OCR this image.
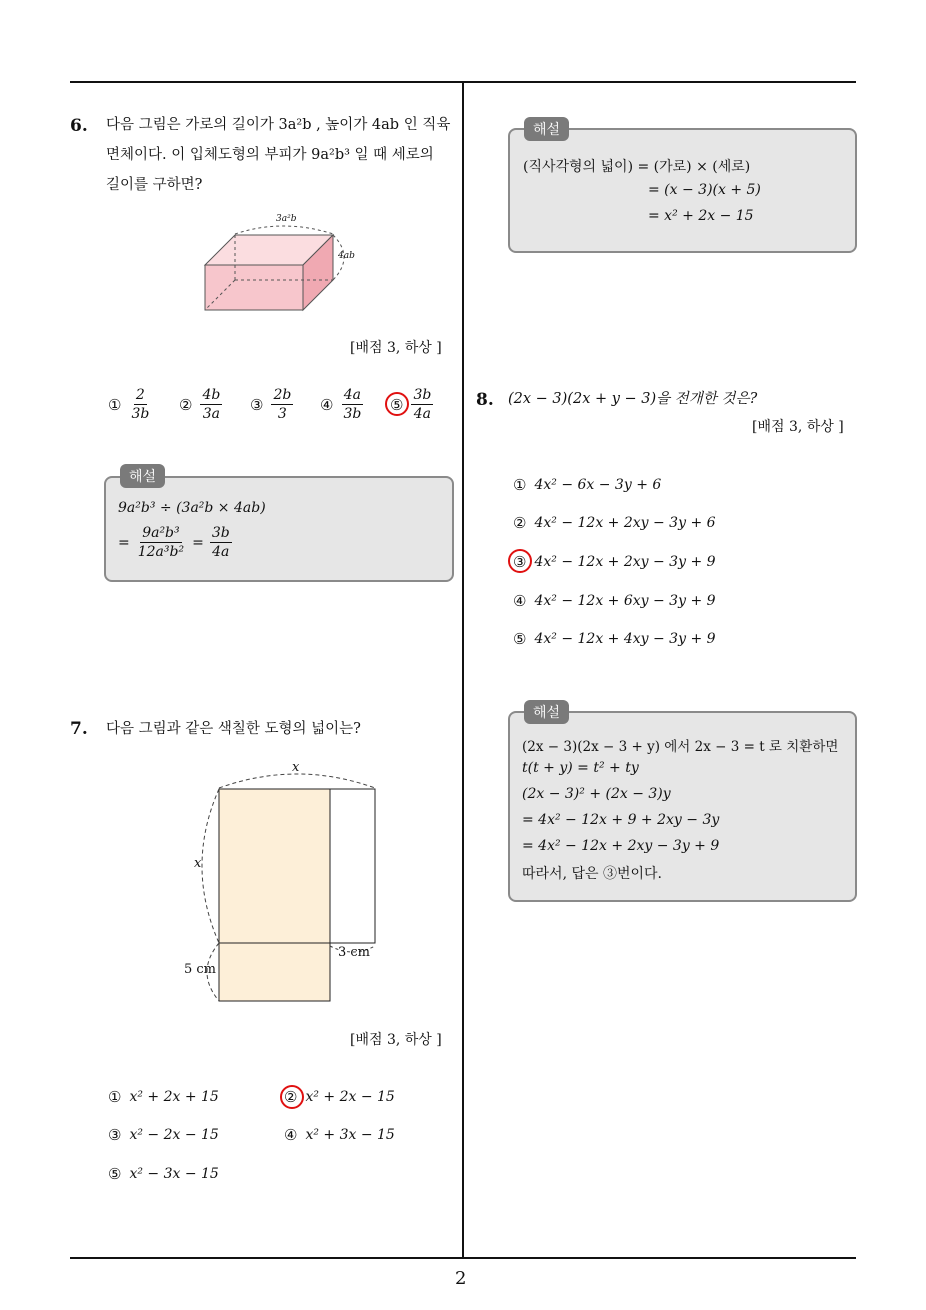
2
6. 다음 그림은 가로의 길이가 3a²b , 높이가 4ab 인 직육
면체이다. 이 입체도형의 부피가 9a²b³ 일 때 세로의
길이를 구하면?
3a²b
4ab
[배점 3, 하상 ]
① $\frac{2}{3b}$ ② $\frac{4b}{3a}$ ③ $\frac{2b}{3}$ ④ $\frac{4a}{3b}$ ⑤ $\frac{3b}{4a}$
해설
9a²b³ ÷ (3a²b × 4ab)
= $\frac{\text{9a²b³}}{\text{12a³b²}} = \frac{3b}{4a}$
7. 다음 그림과 같은 색칠한 도형의 넓이는?
x
x
5 cm
3 cm
[배점 3, 하상 ]
① x² + 2x + 15	② x² + 2x − 15
③ x² − 2x − 15	④ x² + 3x − 15
⑤ x² − 3x − 15
해설
(직사각형의 넓이) = (가로) × (세로)
= (x − 3)(x + 5)
= x² + 2x − 15
8. (2x − 3)(2x + y − 3)을 전개한 것은?
[배점 3, 하상 ]
① 4x² − 6x − 3y + 6
② 4x² − 12x + 2xy − 3y + 6
③ 4x² − 12x + 2xy − 3y + 9
④ 4x² − 12x + 6xy − 3y + 9
⑤ 4x² − 12x + 4xy − 3y + 9
해설
(2x − 3)(2x − 3 + y) 에서 2x − 3 = t 로 치환하면
t(t + y) = t² + ty
(2x − 3)² + (2x − 3)y
= 4x² − 12x + 9 + 2xy − 3y
= 4x² − 12x + 2xy − 3y + 9
따라서, 답은 ③번이다.
